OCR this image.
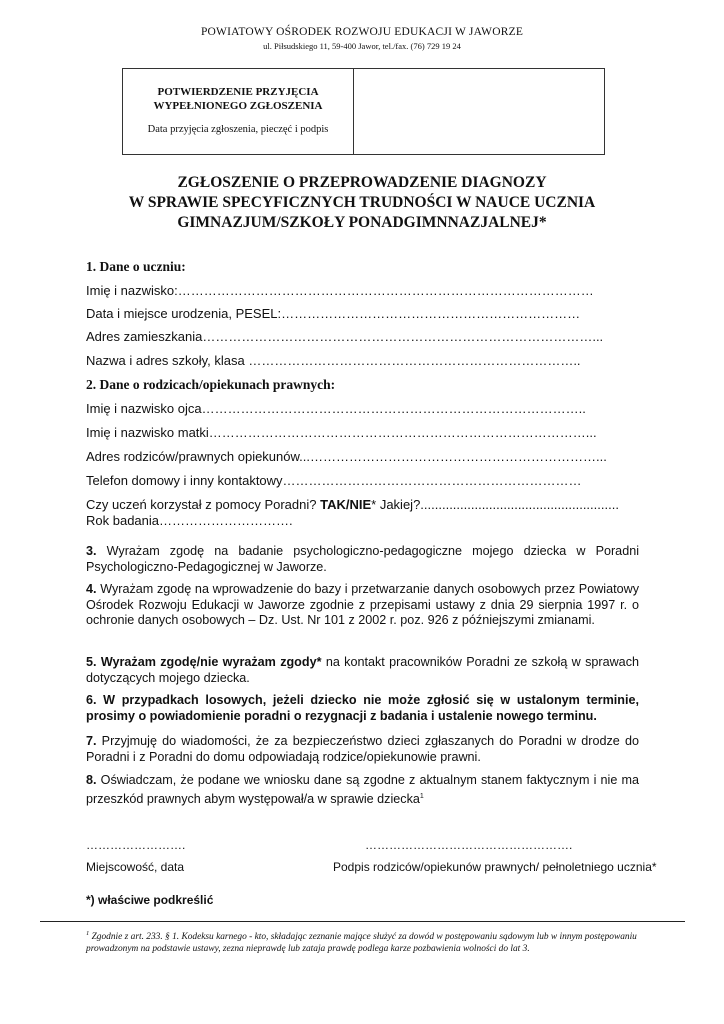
POWIATOWY OŚRODEK ROZWOJU EDUKACJI W JAWORZE
ul. Piłsudskiego 11, 59-400 Jawor, tel./fax. (76) 729 19 24
POTWIERDZENIE PRZYJĘCIA
WYPEŁNIONEGO ZGŁOSZENIA
Data przyjęcia zgłoszenia, pieczęć i podpis
ZGŁOSZENIE O PRZEPROWADZENIE DIAGNOZY
W SPRAWIE SPECYFICZNYCH TRUDNOŚCI W NAUCE UCZNIA
GIMNAZJUM/SZKOŁY PONADGIMNNAZJALNEJ*
1. Dane o uczniu:
Imię i nazwisko:……………………………………………………………………………………
Data i miejsce urodzenia, PESEL:……………………………………………………………
Adres zamieszkania………………………………………………………………………………...
Nazwa i adres szkoły, klasa …………………………………………………………………..
2. Dane o rodzicach/opiekunach prawnych:
Imię i nazwisko ojca……………………………………………………………………………..
Imię i nazwisko matki……………………………………………………………………………...
Adres rodziców/prawnych opiekunów...…………………………………………………………...
Telefon domowy i inny kontaktowy……………………………………………………………
Czy uczeń korzystał z pomocy Poradni? TAK/NIE* Jakiej?.......................................................
Rok badania………………………….
3. Wyrażam zgodę na badanie psychologiczno-pedagogiczne mojego dziecka w Poradni Psychologiczno-Pedagogicznej w Jaworze.
4. Wyrażam zgodę na wprowadzenie do bazy i przetwarzanie danych osobowych przez Powiatowy Ośrodek Rozwoju Edukacji w Jaworze zgodnie z przepisami ustawy z dnia 29 sierpnia 1997 r. o ochronie danych osobowych – Dz. Ust. Nr 101 z 2002 r. poz. 926 z późniejszymi zmianami.
5. Wyrażam zgodę/nie wyrażam zgody* na kontakt pracowników Poradni ze szkołą w sprawach dotyczących mojego dziecka.
6. W przypadkach losowych, jeżeli dziecko nie może zgłosić się w ustalonym terminie, prosimy o powiadomienie poradni o rezygnacji z badania i ustalenie nowego terminu.
7. Przyjmuję do wiadomości, że za bezpieczeństwo dzieci zgłaszanych do Poradni w drodze do Poradni i z Poradni do domu odpowiadają rodzice/opiekunowie prawni.
8. Oświadczam, że podane we wniosku dane są zgodne z aktualnym stanem faktycznym i nie ma przeszkód prawnych abym występował/a w sprawie dziecka$^1$
…………………….	…………………………………………….
Miejscowość, data	Podpis rodziców/opiekunów prawnych/ pełnoletniego ucznia*
*) właściwe podkreślić
$^1$ Zgodnie z art. 233. § 1. Kodeksu karnego - kto, składając zeznanie mające służyć za dowód w postępowaniu sądowym lub w innym postępowaniu prowadzonym na podstawie ustawy, zezna nieprawdę lub zataja prawdę podlega karze pozbawienia wolności do lat 3.
